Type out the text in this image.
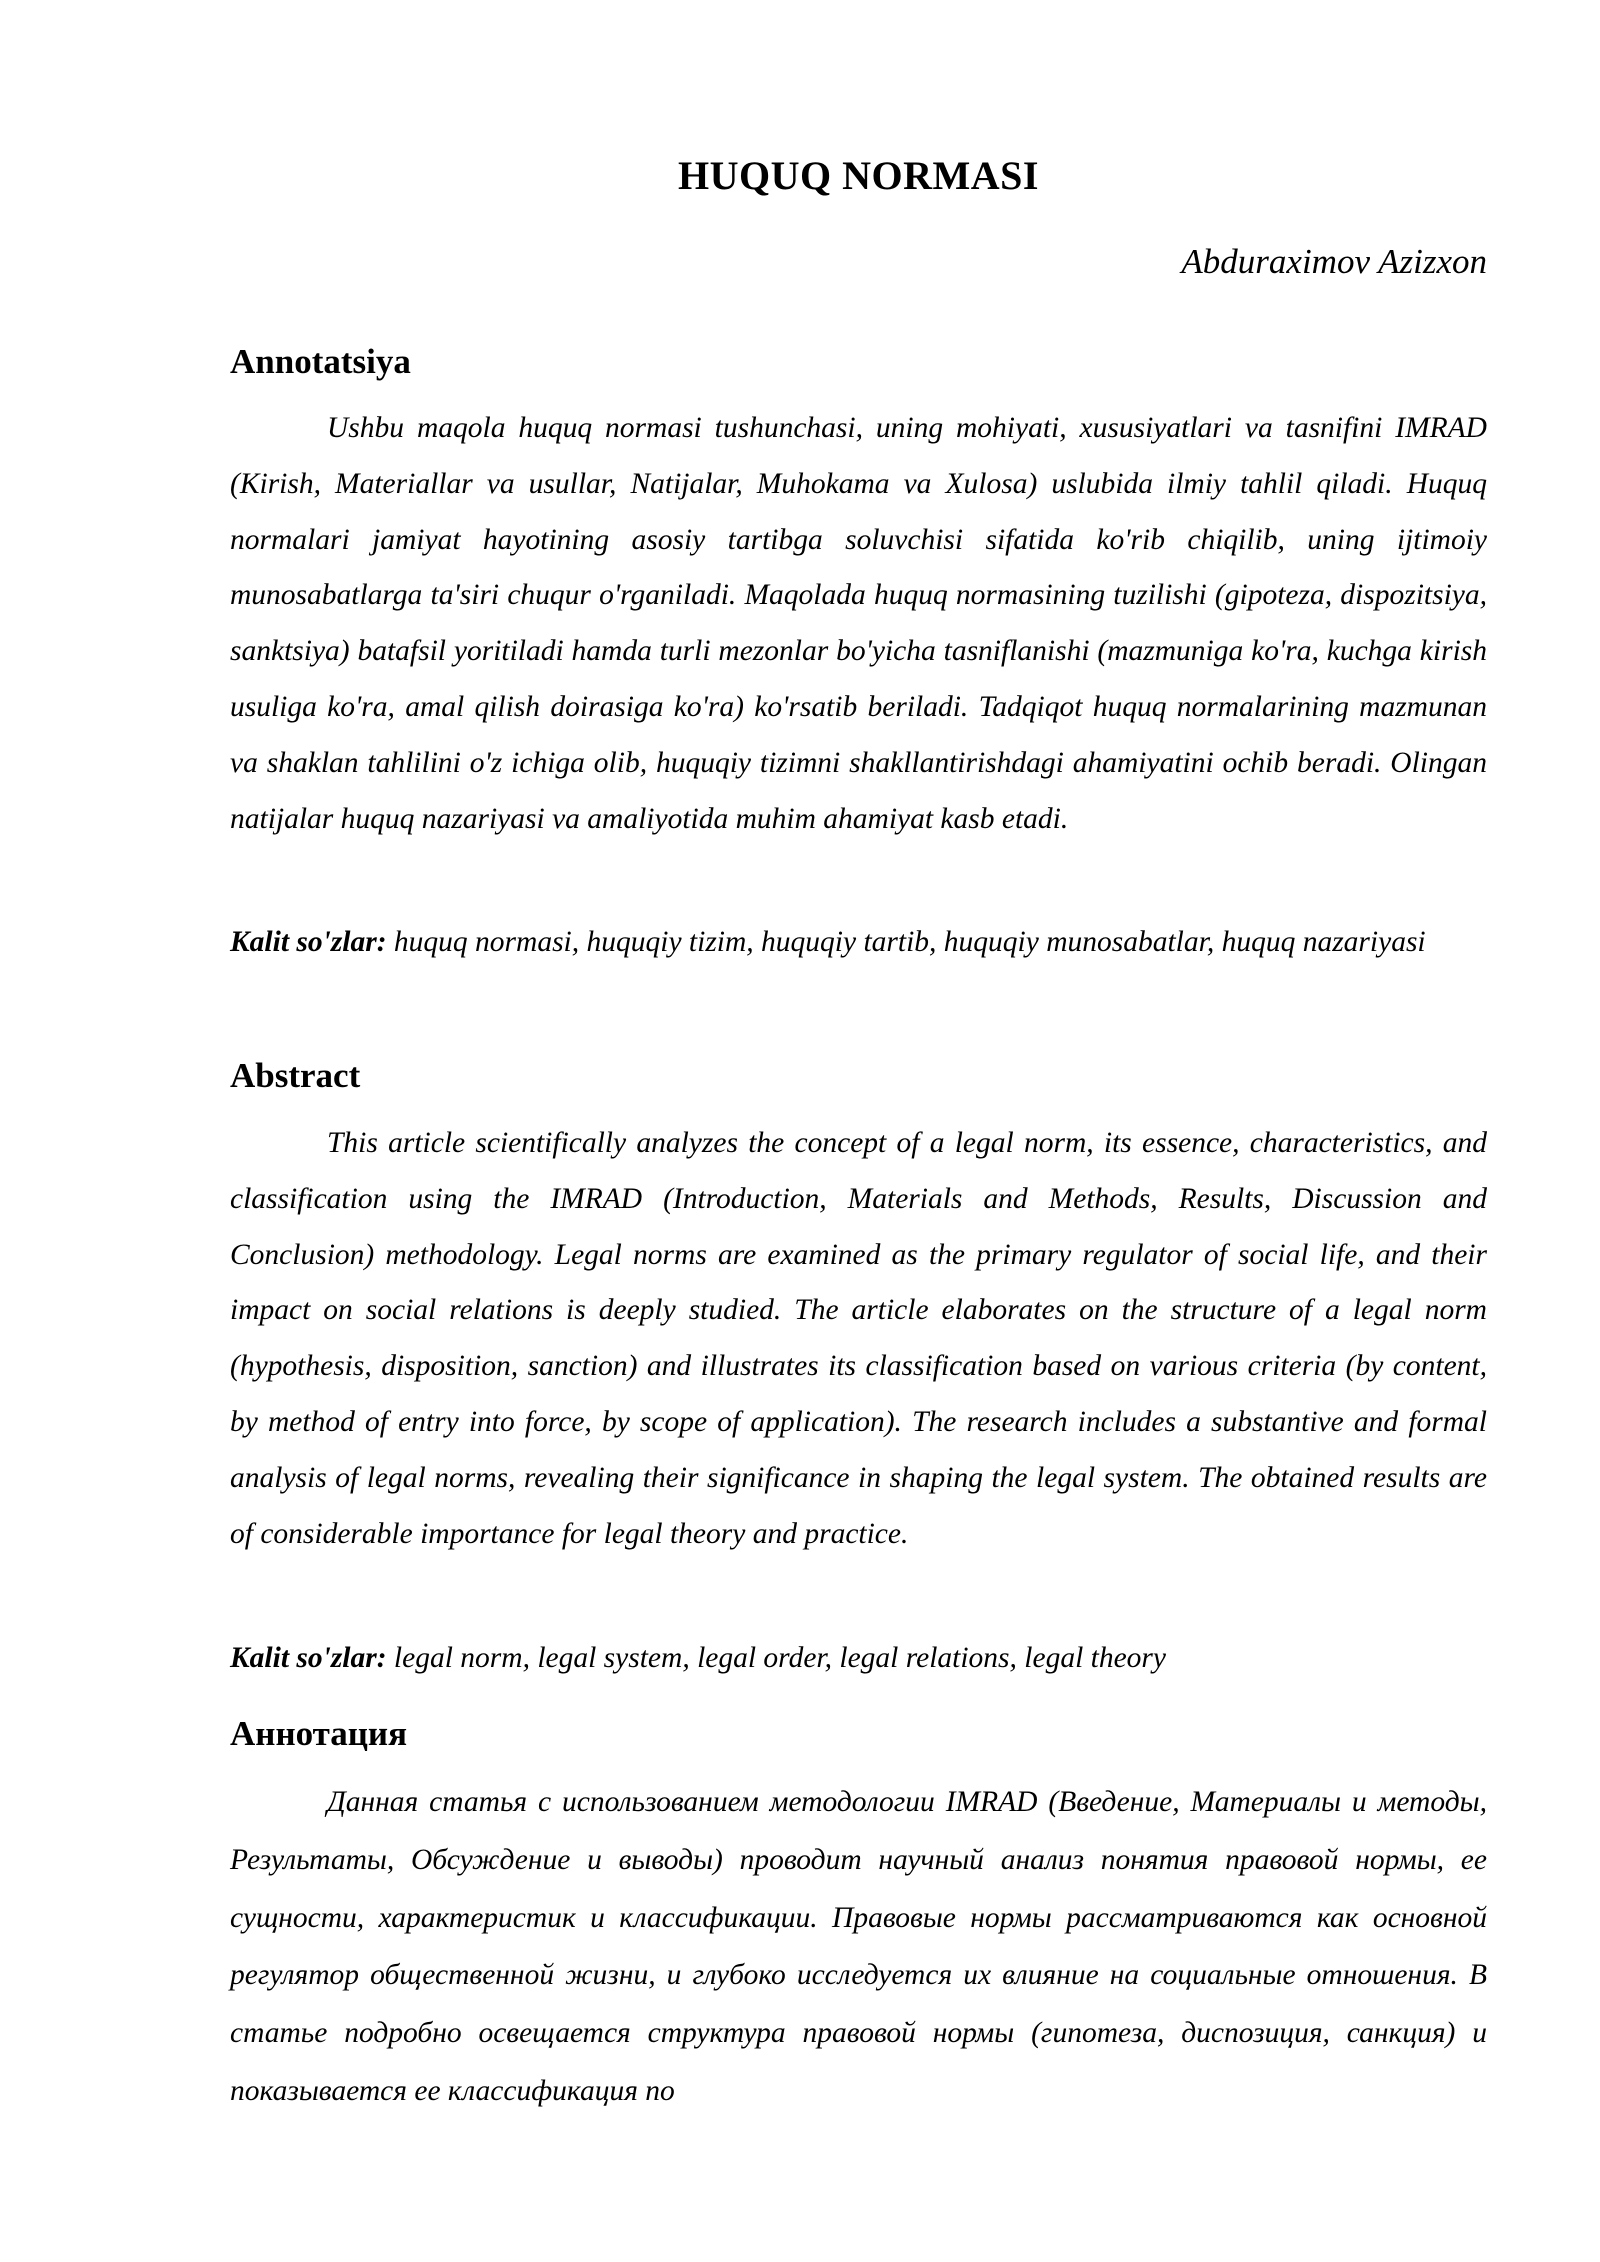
HUQUQ NORMASI

Abduraximov Azizxon

Annotatsiya

Ushbu maqola huquq normasi tushunchasi, uning mohiyati, xususiyatlari va tasnifini IMRAD (Kirish, Materiallar va usullar, Natijalar, Muhokama va Xulosa) uslubida ilmiy tahlil qiladi. Huquq normalari jamiyat hayotining asosiy tartibga soluvchisi sifatida ko'rib chiqilib, uning ijtimoiy munosabatlarga ta'siri chuqur o'rganiladi. Maqolada huquq normasining tuzilishi (gipoteza, dispozitsiya, sanktsiya) batafsil yoritiladi hamda turli mezonlar bo'yicha tasniflanishi (mazmuniga ko'ra, kuchga kirish usuliga ko'ra, amal qilish doirasiga ko'ra) ko'rsatib beriladi. Tadqiqot huquq normalarining mazmunan va shaklan tahlilini o'z ichiga olib, huquqiy tizimni shakllantirishdagi ahamiyatini ochib beradi. Olingan natijalar huquq nazariyasi va amaliyotida muhim ahamiyat kasb etadi.

Kalit so'zlar: huquq normasi, huquqiy tizim, huquqiy tartib, huquqiy munosabatlar, huquq nazariyasi

Abstract

This article scientifically analyzes the concept of a legal norm, its essence, characteristics, and classification using the IMRAD (Introduction, Materials and Methods, Results, Discussion and Conclusion) methodology. Legal norms are examined as the primary regulator of social life, and their impact on social relations is deeply studied. The article elaborates on the structure of a legal norm (hypothesis, disposition, sanction) and illustrates its classification based on various criteria (by content, by method of entry into force, by scope of application). The research includes a substantive and formal analysis of legal norms, revealing their significance in shaping the legal system. The obtained results are of considerable importance for legal theory and practice.

Kalit so'zlar: legal norm, legal system, legal order, legal relations, legal theory

Аннотация

Данная статья с использованием методологии IMRAD (Введение, Материалы и методы, Результаты, Обсуждение и выводы) проводит научный анализ понятия правовой нормы, ее сущности, характеристик и классификации. Правовые нормы рассматриваются как основной регулятор общественной жизни, и глубоко исследуется их влияние на социальные отношения. В статье подробно освещается структура правовой нормы (гипотеза, диспозиция, санкция) и показывается ее классификация по
